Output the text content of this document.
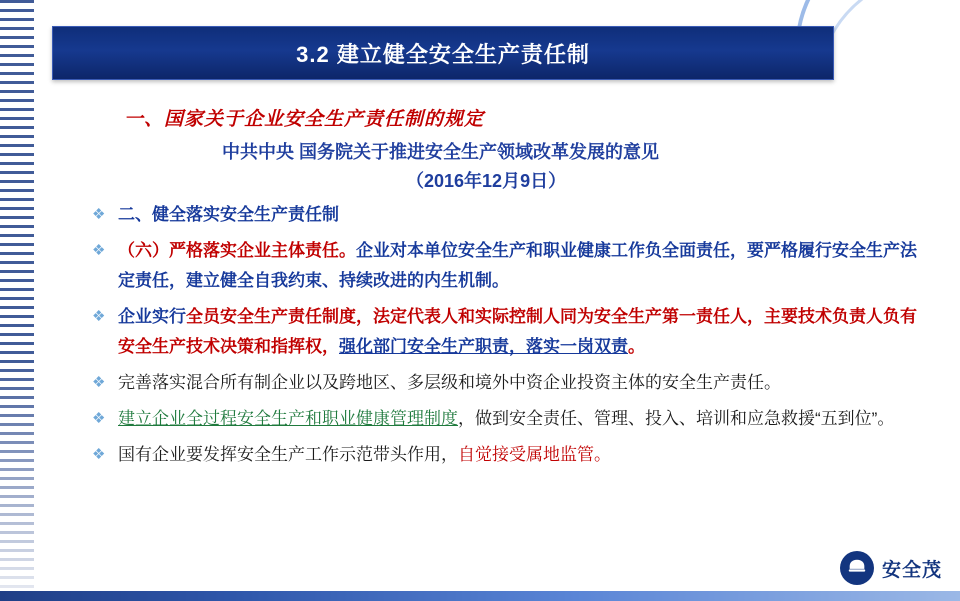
3.2 建立健全安全生产责任制
一、国家关于企业安全生产责任制的规定
中共中央 国务院关于推进安全生产领域改革发展的意见
（2016年12月9日）
❖ 二、健全落实安全生产责任制
❖ （六）严格落实企业主体责任。企业对本单位安全生产和职业健康工作负全面责任，要严格履行安全生产法定责任，建立健全自我约束、持续改进的内生机制。
❖ 企业实行全员安全生产责任制度，法定代表人和实际控制人同为安全生产第一责任人，主要技术负责人负有安全生产技术决策和指挥权，强化部门安全生产职责，落实一岗双责。
❖ 完善落实混合所有制企业以及跨地区、多层级和境外中资企业投资主体的安全生产责任。
❖ 建立企业全过程安全生产和职业健康管理制度，做到安全责任、管理、投入、培训和应急救援“五到位”。
❖ 国有企业要发挥安全生产工作示范带头作用，自觉接受属地监管。
安全茂
